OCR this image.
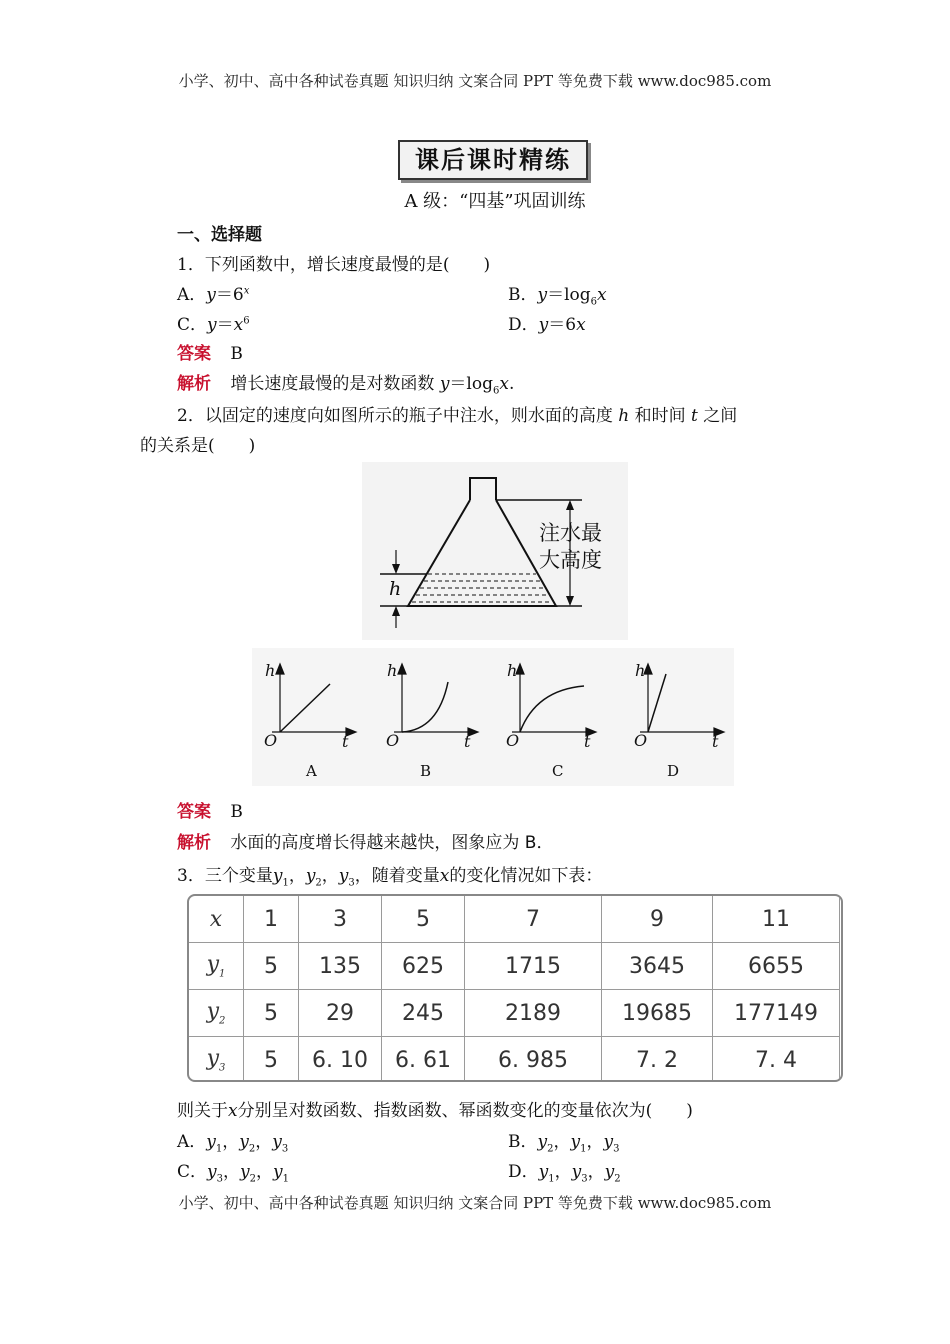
小学、初中、高中各种试卷真题 知识归纳 文案合同 PPT 等免费下载 www.doc985.com
课后课时精练
A 级：“四基”巩固训练
一、选择题
1．下列函数中，增长速度最慢的是(　　)
A．$y=6^x$	B．$y=\log_6x$
C．$y=x^6$	D．y＝6x
答案 B
解析 增长速度最慢的是对数函数 $y=\log_6x$.
2．以固定的速度向如图所示的瓶子中注水，则水面的高度 h 和时间 t 之间
的关系是(　　)
注水最
大高度
h
h
t
O
h
t
O
h
t
O
h
t
O
A	B	C	D
答案 B
解析 水面的高度增长得越来越快，图象应为 B．
3．三个变量$y_1$，$y_2$，$y_3$，随着变量x的变化情况如下表：
x	1	3	5	7	9	11
$y_1$	5	135	625	1715	3645	6655
$y_2$	5	29	245	2189	19685	177149
$y_3$	5	6. 10	6. 61	6. 985	7. 2	7. 4
则关于x分别呈对数函数、指数函数、幂函数变化的变量依次为(　　)
A．$y_1$，$y_2$，$y_3$	B．$y_2$，$y_1$，$y_3$
C．$y_3$，$y_2$，$y_1$	D．$y_1$，$y_3$，$y_2$
小学、初中、高中各种试卷真题 知识归纳 文案合同 PPT 等免费下载 www.doc985.com
